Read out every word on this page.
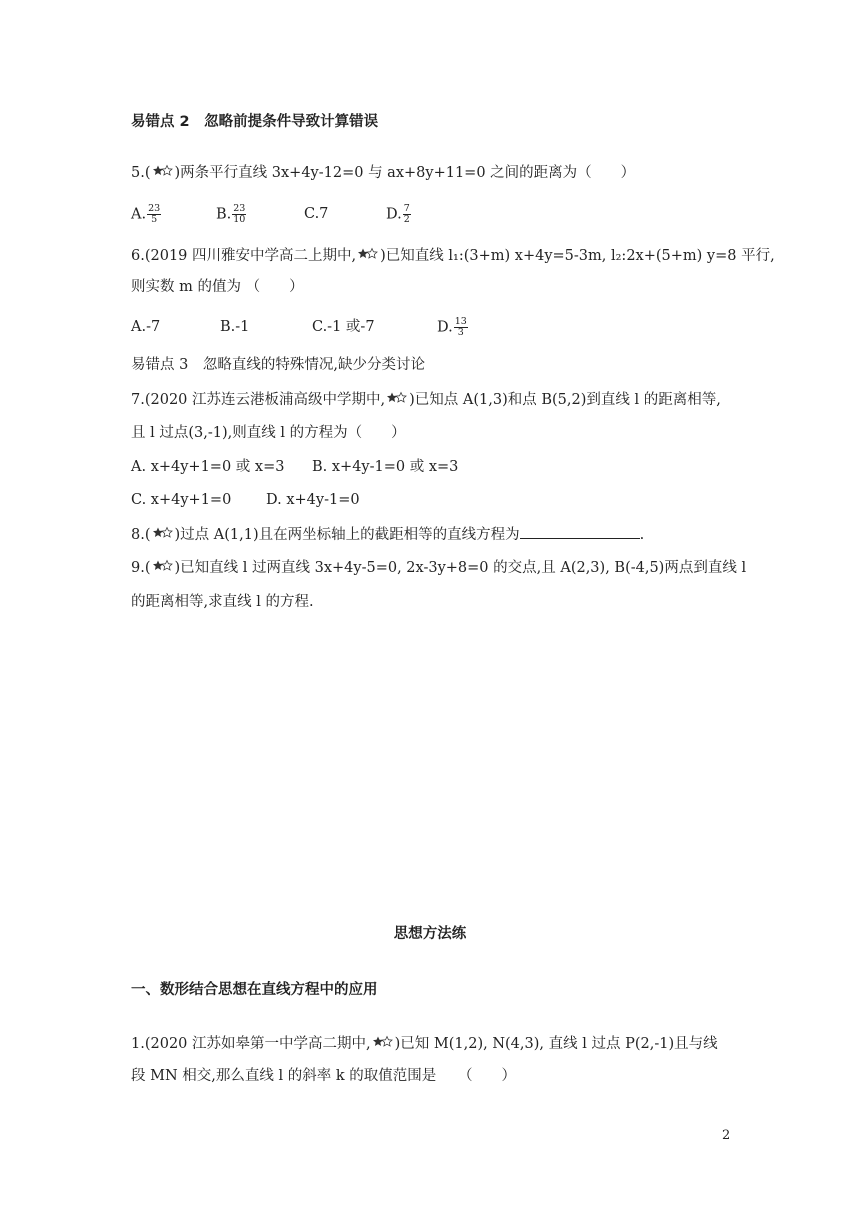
易错点 2　忽略前提条件导致计算错误
5.( )两条平行直线 3x+4y-12=0 与 ax+8y+11=0 之间的距离为（　　）
A. $\frac{23}{5}$	B. $\frac{23}{10}$	C.7	D. $\frac{7}{2}$
6.(2019 四川雅安中学高二上期中, )已知直线 l₁:(3+m) x+4y=5-3m, l₂:2x+(5+m) y=8 平行,
则实数 m 的值为 （　　）
A.-7	B.-1	C.-1 或-7	D. $\frac{13}{3}$
易错点 3　忽略直线的特殊情况,缺少分类讨论
7.(2020 江苏连云港板浦高级中学期中, )已知点 A(1,3)和点 B(5,2)到直线 l 的距离相等,
且 l 过点(3,-1),则直线 l 的方程为（　　）
A. x+4y+1=0 或 x=3 B. x+4y-1=0 或 x=3
C. x+4y+1=0 D. x+4y-1=0
8.( )过点 A(1,1)且在两坐标轴上的截距相等的直线方程为	.
9.( )已知直线 l 过两直线 3x+4y-5=0, 2x-3y+8=0 的交点,且 A(2,3), B(-4,5)两点到直线 l
的距离相等,求直线 l 的方程.
思想方法练
一、数形结合思想在直线方程中的应用
1.(2020 江苏如皋第一中学高二期中, )已知 M(1,2), N(4,3), 直线 l 过点 P(2,-1)且与线
段 MN 相交,那么直线 l 的斜率 k 的取值范围是　　（　　）
2
